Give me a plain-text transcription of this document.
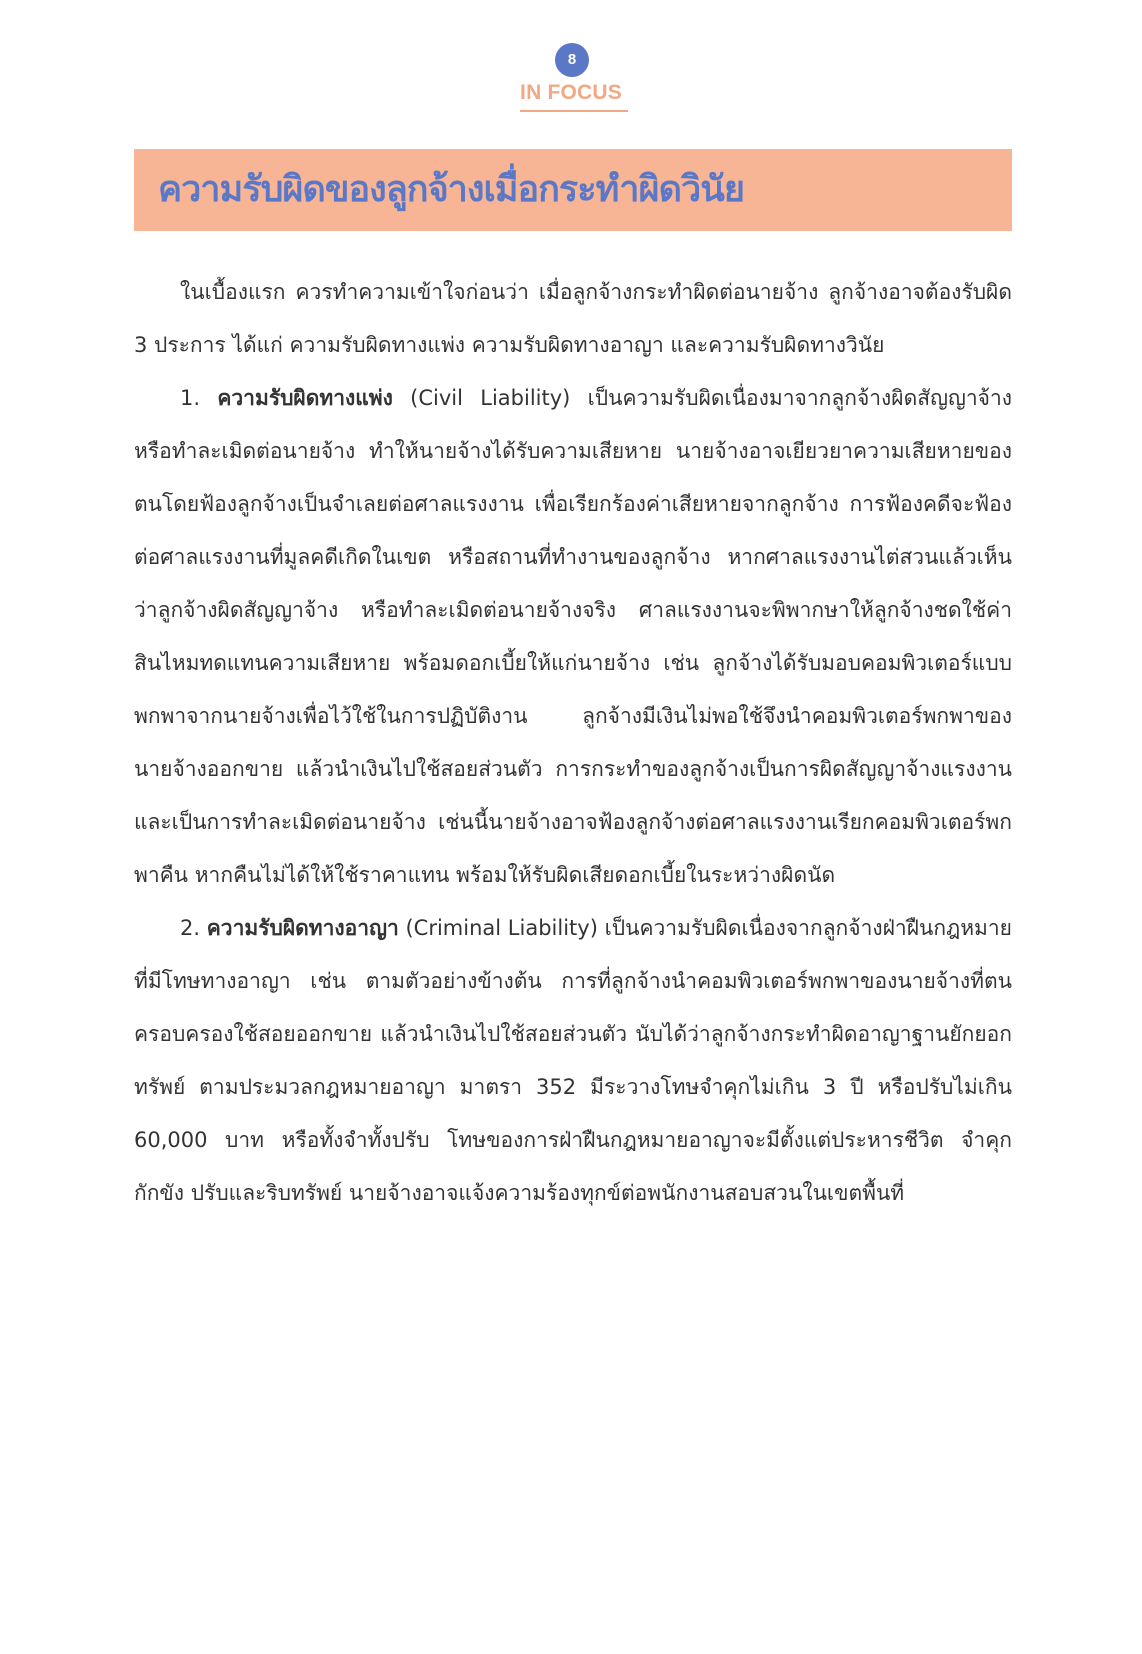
8
IN FOCUS
ความรับผิดของลูกจ้างเมื่อกระทำผิดวินัย

ในเบื้องแรก ควรทำความเข้าใจก่อนว่า เมื่อลูกจ้างกระทำผิดต่อนายจ้าง ลูกจ้างอาจต้องรับผิด 3 ประการ ได้แก่ ความรับผิดทางแพ่ง ความรับผิดทางอาญา และความรับผิดทางวินัย

1. ความรับผิดทางแพ่ง (Civil Liability) เป็นความรับผิดเนื่องมาจากลูกจ้างผิดสัญญาจ้าง หรือทำละเมิดต่อนายจ้าง ทำให้นายจ้างได้รับความเสียหาย นายจ้างอาจเยียวยาความเสียหายของตนโดยฟ้องลูกจ้างเป็นจำเลยต่อศาลแรงงาน เพื่อเรียกร้องค่าเสียหายจากลูกจ้าง การฟ้องคดีจะฟ้องต่อศาลแรงงานที่มูลคดีเกิดในเขต หรือสถานที่ทำงานของลูกจ้าง หากศาลแรงงานไต่สวนแล้วเห็นว่าลูกจ้างผิดสัญญาจ้าง หรือทำละเมิดต่อนายจ้างจริง ศาลแรงงานจะพิพากษาให้ลูกจ้างชดใช้ค่าสินไหมทดแทนความเสียหาย พร้อมดอกเบี้ยให้แก่นายจ้าง เช่น ลูกจ้างได้รับมอบคอมพิวเตอร์แบบพกพาจากนายจ้างเพื่อไว้ใช้ในการปฏิบัติงาน ลูกจ้างมีเงินไม่พอใช้จึงนำคอมพิวเตอร์พกพาของนายจ้างออกขาย แล้วนำเงินไปใช้สอยส่วนตัว การกระทำของลูกจ้างเป็นการผิดสัญญาจ้างแรงงาน และเป็นการทำละเมิดต่อนายจ้าง เช่นนี้นายจ้างอาจฟ้องลูกจ้างต่อศาลแรงงานเรียกคอมพิวเตอร์พกพาคืน หากคืนไม่ได้ให้ใช้ราคาแทน พร้อมให้รับผิดเสียดอกเบี้ยในระหว่างผิดนัด

2. ความรับผิดทางอาญา (Criminal Liability) เป็นความรับผิดเนื่องจากลูกจ้างฝ่าฝืนกฎหมายที่มีโทษทางอาญา เช่น ตามตัวอย่างข้างต้น การที่ลูกจ้างนำคอมพิวเตอร์พกพาของนายจ้างที่ตนครอบครองใช้สอยออกขาย แล้วนำเงินไปใช้สอยส่วนตัว นับได้ว่าลูกจ้างกระทำผิดอาญาฐานยักยอกทรัพย์ ตามประมวลกฎหมายอาญา มาตรา 352 มีระวางโทษจำคุกไม่เกิน 3 ปี หรือปรับไม่เกิน 60,000 บาท หรือทั้งจำทั้งปรับ โทษของการฝ่าฝืนกฎหมายอาญาจะมีตั้งแต่ประหารชีวิต จำคุก กักขัง ปรับและริบทรัพย์ นายจ้างอาจแจ้งความร้องทุกข์ต่อพนักงานสอบสวนในเขตพื้นที่
